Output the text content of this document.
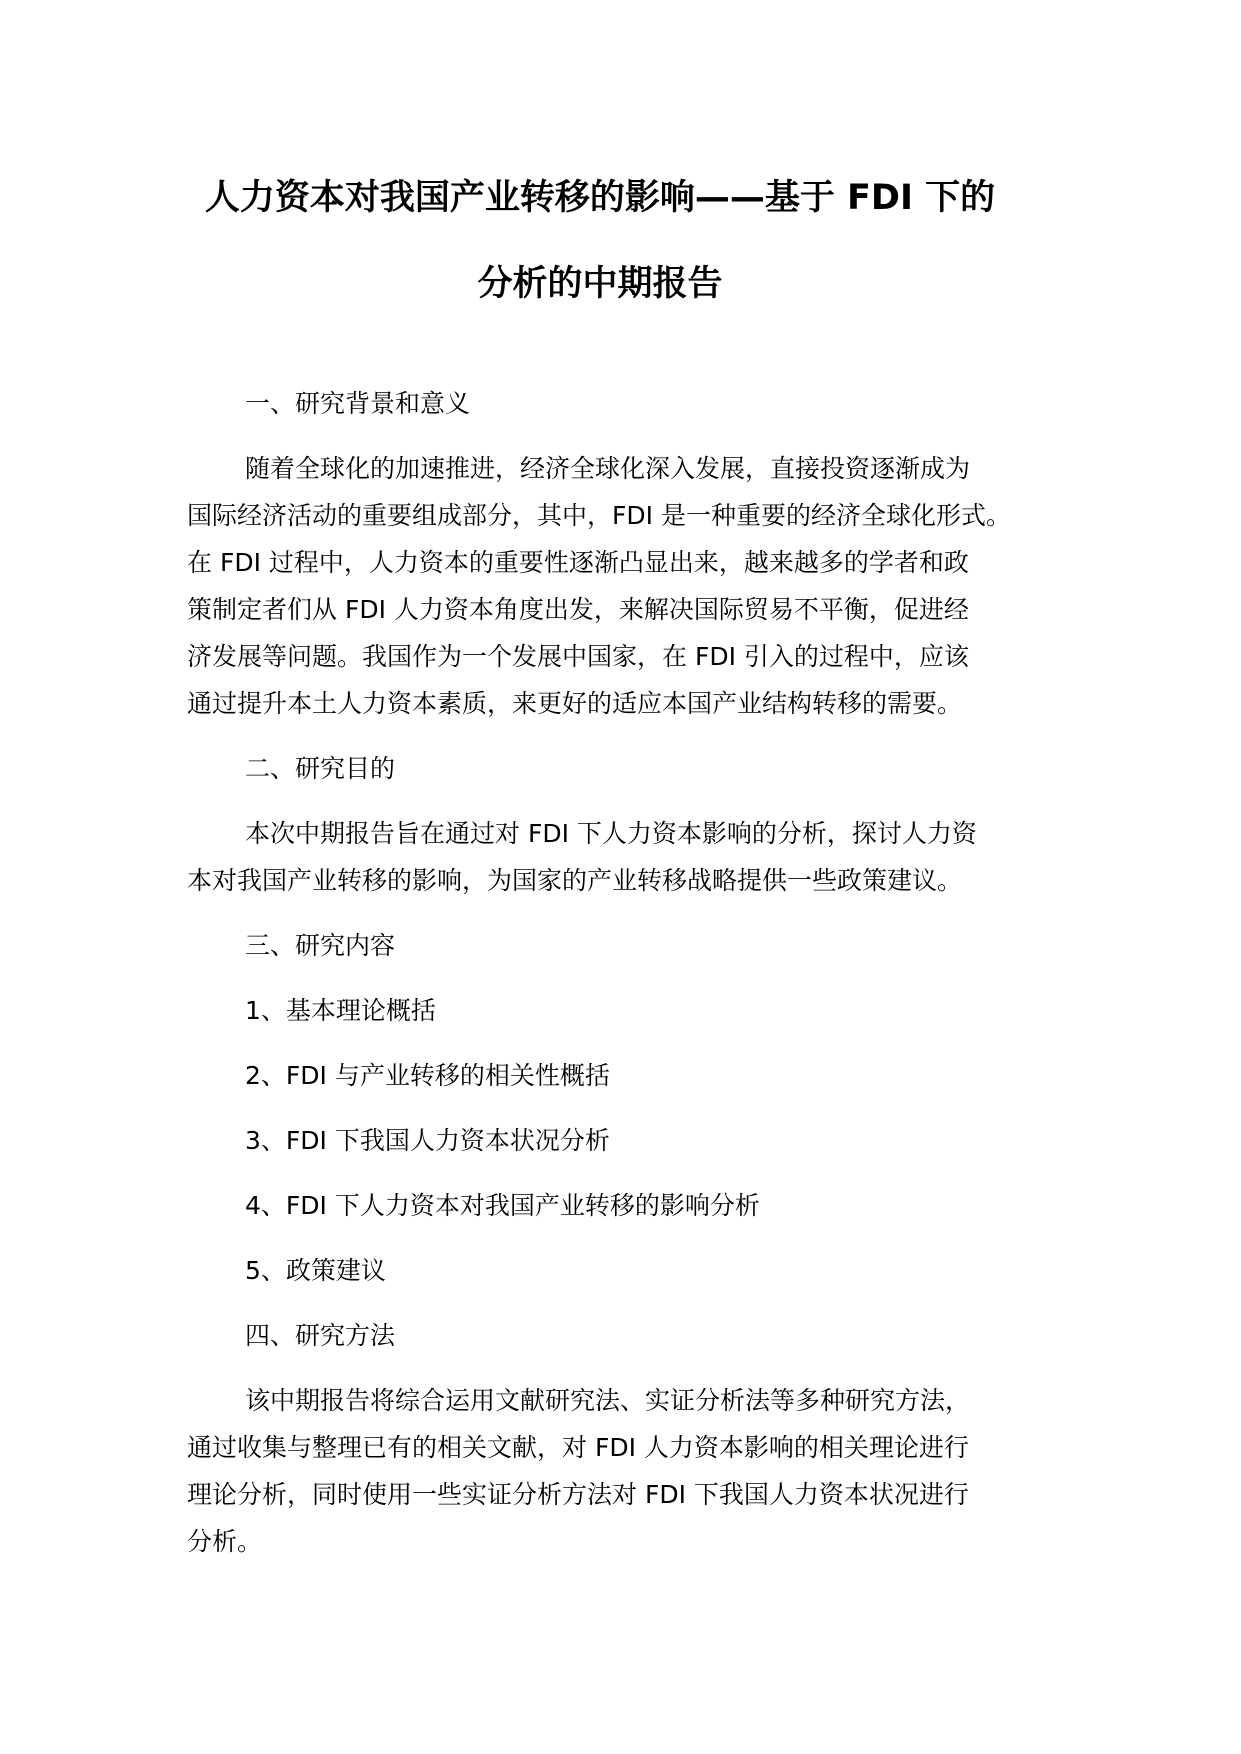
人力资本对我国产业转移的影响——基于 FDI 下的
分析的中期报告

一、研究背景和意义

随着全球化的加速推进，经济全球化深入发展，直接投资逐渐成为
国际经济活动的重要组成部分，其中，FDI 是一种重要的经济全球化形式。
在 FDI 过程中，人力资本的重要性逐渐凸显出来，越来越多的学者和政
策制定者们从 FDI 人力资本角度出发，来解决国际贸易不平衡，促进经
济发展等问题。我国作为一个发展中国家，在 FDI 引入的过程中，应该
通过提升本土人力资本素质，来更好的适应本国产业结构转移的需要。

二、研究目的

本次中期报告旨在通过对 FDI 下人力资本影响的分析，探讨人力资
本对我国产业转移的影响，为国家的产业转移战略提供一些政策建议。

三、研究内容

1、基本理论概括

2、FDI 与产业转移的相关性概括

3、FDI 下我国人力资本状况分析

4、FDI 下人力资本对我国产业转移的影响分析

5、政策建议

四、研究方法

该中期报告将综合运用文献研究法、实证分析法等多种研究方法，
通过收集与整理已有的相关文献，对 FDI 人力资本影响的相关理论进行
理论分析，同时使用一些实证分析方法对 FDI 下我国人力资本状况进行
分析。
